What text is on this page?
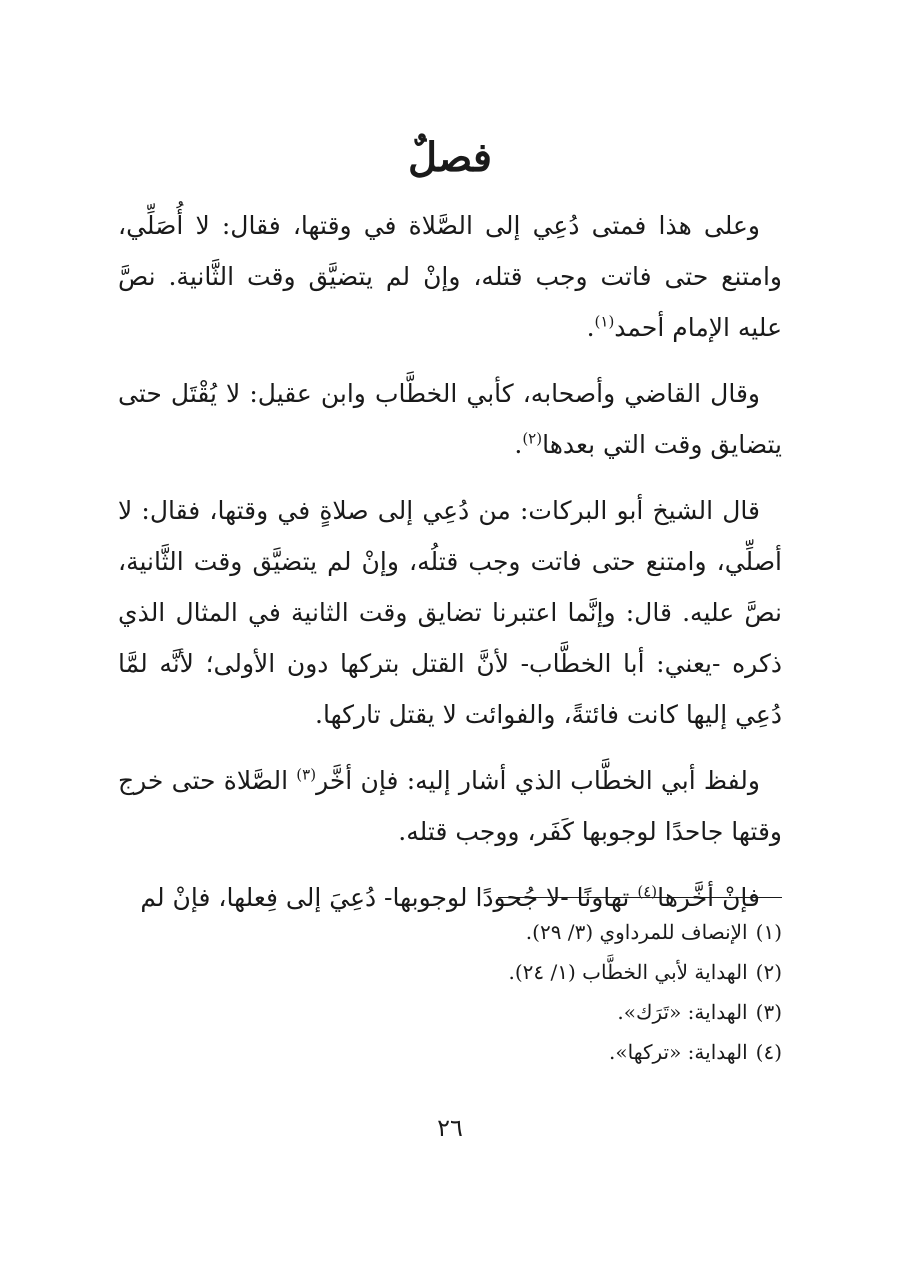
فصلٌ

وعلى هذا فمتى دُعِي إلى الصَّلاة في وقتها، فقال: لا أُصَلِّي، وامتنع حتى فاتت وجب قتله، وإنْ لم يتضيَّق وقت الثَّانية. نصَّ عليه الإمام أحمد$^{(١)}$.

وقال القاضي وأصحابه، كأبي الخطَّاب وابن عقيل: لا يُقْتَل حتى يتضايق وقت التي بعدها$^{(٢)}$.

قال الشيخ أبو البركات: من دُعِي إلى صلاةٍ في وقتها، فقال: لا أصلِّي، وامتنع حتى فاتت وجب قتلُه، وإنْ لم يتضيَّق وقت الثَّانية، نصَّ عليه. قال: وإنَّما اعتبرنا تضايق وقت الثانية في المثال الذي ذكره -يعني: أبا الخطَّاب- لأنَّ القتل بتركها دون الأولى؛ لأنَّه لمَّا دُعِي إليها كانت فائتةً، والفوائت لا يقتل تاركها.

ولفظ أبي الخطَّاب الذي أشار إليه: فإن أخَّر$^{(٣)}$ الصَّلاة حتى خرج وقتها جاحدًا لوجوبها كَفَر، ووجب قتله.

فإنْ أخَّرها$^{(٤)}$ تهاونًا -لا جُحودًا لوجوبها- دُعِيَ إلى فِعلها، فإنْ لم

(١)الإنصاف للمرداوي (٣/ ٢٩).

(٢)الهداية لأبي الخطَّاب (١/ ٢٤).

(٣)الهداية: «تَرَك».

(٤)الهداية: «تركها».

٢٦
